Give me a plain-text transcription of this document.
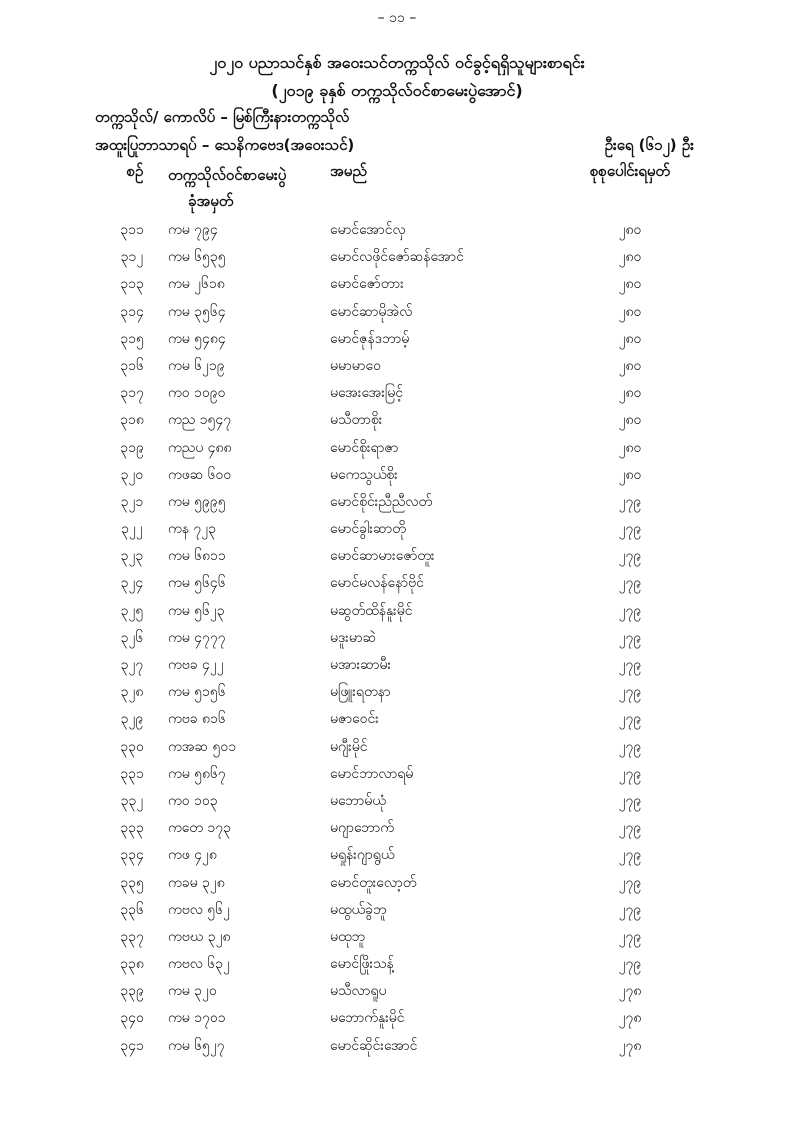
– ၁၁ –
၂၀၂၀ ပညာသင်နှစ် အဝေးသင်တက္ကသိုလ် ဝင်ခွင့်ရရှိသူများစာရင်း
(၂၀၁၉ ခုနှစ် တက္ကသိုလ်ဝင်စာမေးပွဲအောင်)
တက္ကသိုလ်/ ကောလိပ် – မြစ်ကြီးနားတက္ကသိုလ်
အထူးပြုဘာသာရပ် – သေနိကဗေဒ(အဝေးသင်)	ဦးရေ (၆၁၂) ဦး
စဉ်	တက္ကသိုလ်ဝင်စာမေးပွဲ
ခုံအမှတ်
အမည်	စုစုပေါင်းရမှတ်
၃၁၁	ကမ ၇၉၄	မောင်အောင်လှ	၂၈၀
၃၁၂	ကမ ၆၅၃၅	မောင်လဖိုင်ဇော်ဆန်အောင်	၂၈၀
၃၁၃	ကမ ၂၆၁၈	မောင်ဇော်တား	၂၈၀
၃၁၄	ကမ ၃၅၆၄	မောင်ဆာမိုအဲလ်	၂၈၀
၃၁၅	ကမ ၅၄၈၄	မောင်ဇုန်ဒဘာမ့်	၂၈၀
၃၁၆	ကမ ၆၂၁၉	မမာမာဝေ	၂၈၀
၃၁၇	ကဝ ၁၀၉၀	မအေးအေးမြင့်	၂၈၀
၃၁၈	ကည ၁၅၄၇	မသီတာစိုး	၂၈၀
၃၁၉	ကညပ ၄၈၈	မောင်စိုးရာဇာ	၂၈၀
၃၂၀	ကဖဆ ၆၀၀	မကေသွယ်စိုး	၂၈၀
၃၂၁	ကမ ၅၉၉၅	မောင်စိုင်းညီညီလတ်	၂၇၉
၃၂၂	ကန ၇၂၃	မောင်ခွါးဆာတို	၂၇၉
၃၂၃	ကမ ၆၈၁၁	မောင်ဆာမားဇော်တူး	၂၇၉
၃၂၄	ကမ ၅၆၄၆	မောင်မလန်နော်ဗိုင်	၂၇၉
၃၂၅	ကမ ၅၆၂၃	မဆွတ်ထိန်နူးမိုင်	၂၇၉
၃၂၆	ကမ ၄၇၇၇	မဒူးမာဆဲ	၂၇၉
၃၂၇	ကဗခ ၄၂၂	မအားဆာမီး	၂၇၉
၃၂၈	ကမ ၅၁၅၆	မဖြူးရတနာ	၂၇၉
၃၂၉	ကဗခ ၈၁၆	မဇာဝေင်း	၂၇၉
၃၃၀	ကအဆ ၅၀၁	မဂျီးမိုင်	၂၇၉
၃၃၁	ကမ ၅၈၆၇	မောင်ဘာလာရမ်	၂၇၉
၃၃၂	ကဝ ၁၀၃	မဘောမ်ယုံ	၂၇၉
၃၃၃	ကတေ ၁၇၃	မဂျာဘောက်	၂၇၉
၃၃၄	ကဖ ၄၂၈	မရှုန်းဂျာရွယ်	၂၇၉
၃၃၅	ကခမ ၃၂၈	မောင်တူးလော့တ်	၂၇၉
၃၃၆	ကဗလ ၅၆၂	မထွယ်ခွဲဘူ	၂၇၉
၃၃၇	ကဗဃ ၃၂၈	မထုဘူ	၂၇၉
၃၃၈	ကဗလ ၆၃၂	မောင်ဖြိုးသန့်	၂၇၉
၃၃၉	ကမ ၃၂၀	မသီလာရူပ	၂၇၈
၃၄၀	ကမ ၁၇၀၁	မဘောက်နူးမိုင်	၂၇၈
၃၄၁	ကမ ၆၅၂၇	မောင်ဆိုင်းအောင်	၂၇၈
